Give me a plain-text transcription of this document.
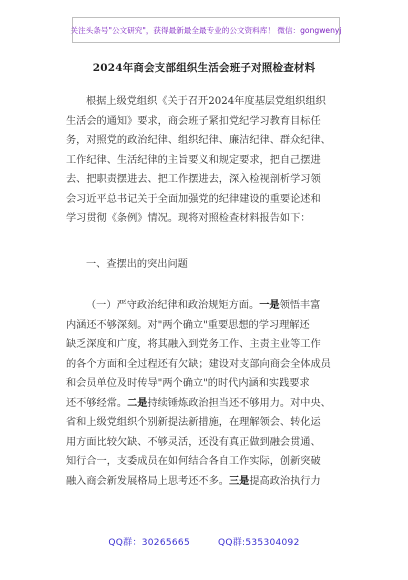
关注头条号"公文研究"，获得最新最全最专业的公文资料库！ 微信：gongwenyj
2024年商会支部组织生活会班子对照检查材料
根据上级党组织《关于召开2024年度基层党组织组织
生活会的通知》要求，商会班子紧扣党纪学习教育目标任
务，对照党的政治纪律、组织纪律、廉洁纪律、群众纪律、
工作纪律、生活纪律的主旨要义和规定要求，把自己摆进
去、把职责摆进去、把工作摆进去，深入检视剖析学习领
会习近平总书记关于全面加强党的纪律建设的重要论述和
学习贯彻《条例》情况。现将对照检查材料报告如下：
一、查摆出的突出问题
（一）严守政治纪律和政治规矩方面。一是领悟丰富
内涵还不够深刻。对"两个确立"重要思想的学习理解还
缺乏深度和广度，将其融入到党务工作、主责主业等工作
的各个方面和全过程还有欠缺；建设对支部向商会全体成员
和会员单位及时传导"两个确立"的时代内涵和实践要求
还不够经常。二是持续锤炼政治担当还不够用力。对中央、
省和上级党组织个别新提法新措施，在理解领会、转化运
用方面比较欠缺、不够灵活，还没有真正做到融会贯通、
知行合一，支委成员在如何结合各自工作实际，创新突破
融入商会新发展格局上思考还不多。三是提高政治执行力
QQ群：30265665	QQ群:535304092
